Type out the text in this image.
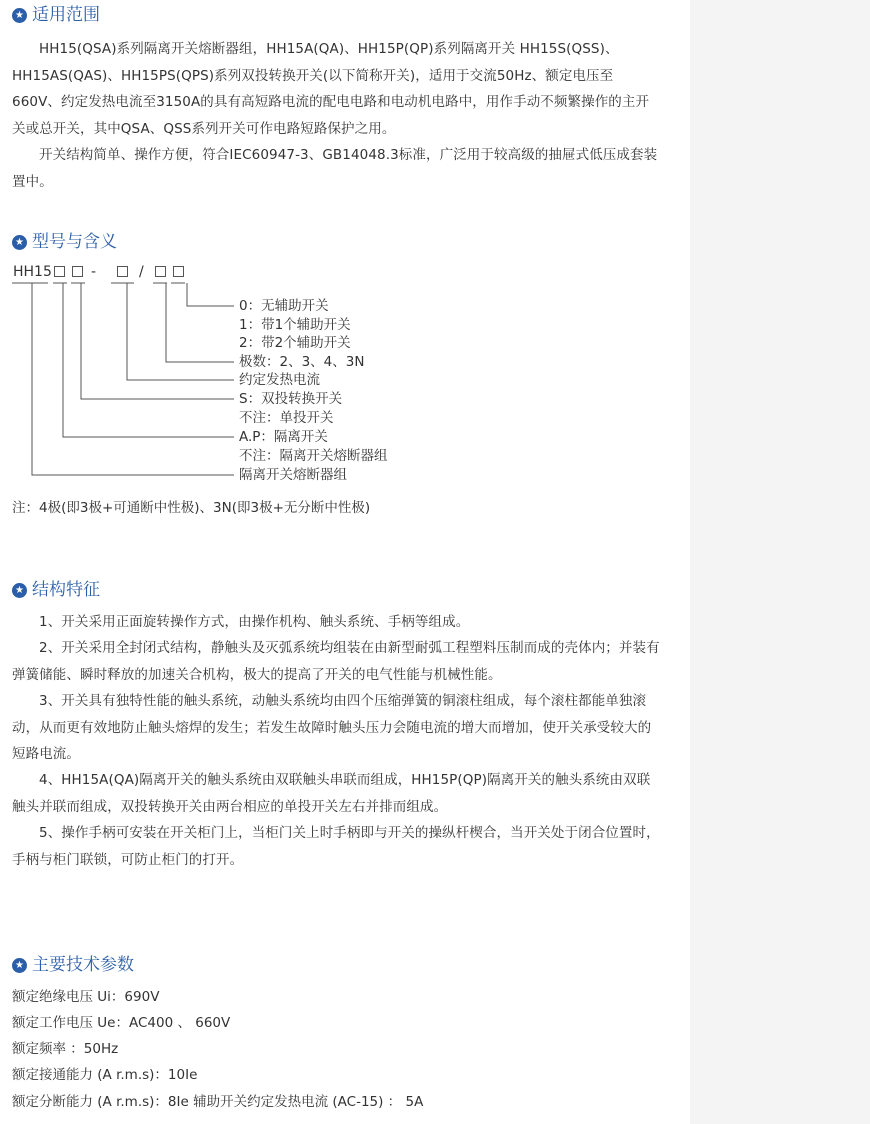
★ 适用范围

HH15(QSA)系列隔离开关熔断器组，HH15A(QA)、HH15P(QP)系列隔离开关 HH15S(QSS)、HH15AS(QAS)、HH15PS(QPS)系列双投转换开关(以下简称开关)，适用于交流50Hz、额定电压至660V、约定发热电流至3150A的具有高短路电流的配电电路和电动机电路中，用作手动不频繁操作的主开关或总开关，其中QSA、QSS系列开关可作电路短路保护之用。

开关结构简单、操作方便，符合IEC60947-3、GB14048.3标准，广泛用于较高级的抽屉式低压成套装置中。

★ 型号与含义
HH15	-	/
0：无辅助开关
1：带1个辅助开关
2：带2个辅助开关
极数：2、3、4、3N
约定发热电流
S：双投转换开关
不注：单投开关
A.P：隔离开关
不注：隔离开关熔断器组
隔离开关熔断器组

注：4极(即3极+可通断中性极)、3N(即3极+无分断中性极)

★ 结构特征

1、开关采用正面旋转操作方式，由操作机构、触头系统、手柄等组成。

2、开关采用全封闭式结构，静触头及灭弧系统均组装在由新型耐弧工程塑料压制而成的壳体内；并装有弹簧储能、瞬时释放的加速关合机构，极大的提高了开关的电气性能与机械性能。

3、开关具有独特性能的触头系统，动触头系统均由四个压缩弹簧的铜滚柱组成，每个滚柱都能单独滚动，从而更有效地防止触头熔焊的发生；若发生故障时触头压力会随电流的增大而增加，使开关承受较大的短路电流。

4、HH15A(QA)隔离开关的触头系统由双联触头串联而组成，HH15P(QP)隔离开关的触头系统由双联触头并联而组成，双投转换开关由两台相应的单投开关左右并排而组成。

5、操作手柄可安装在开关柜门上，当柜门关上时手柄即与开关的操纵杆楔合，当开关处于闭合位置时，手柄与柜门联锁，可防止柜门的打开。

★ 主要技术参数

额定绝缘电压 Ui：690V

额定工作电压 Ue：AC400 、 660V

额定频率 ：50Hz

额定接通能力 (A r.m.s)：10Ie

额定分断能力 (A r.m.s)：8Ie 辅助开关约定发热电流 (AC-15) ： 5A
